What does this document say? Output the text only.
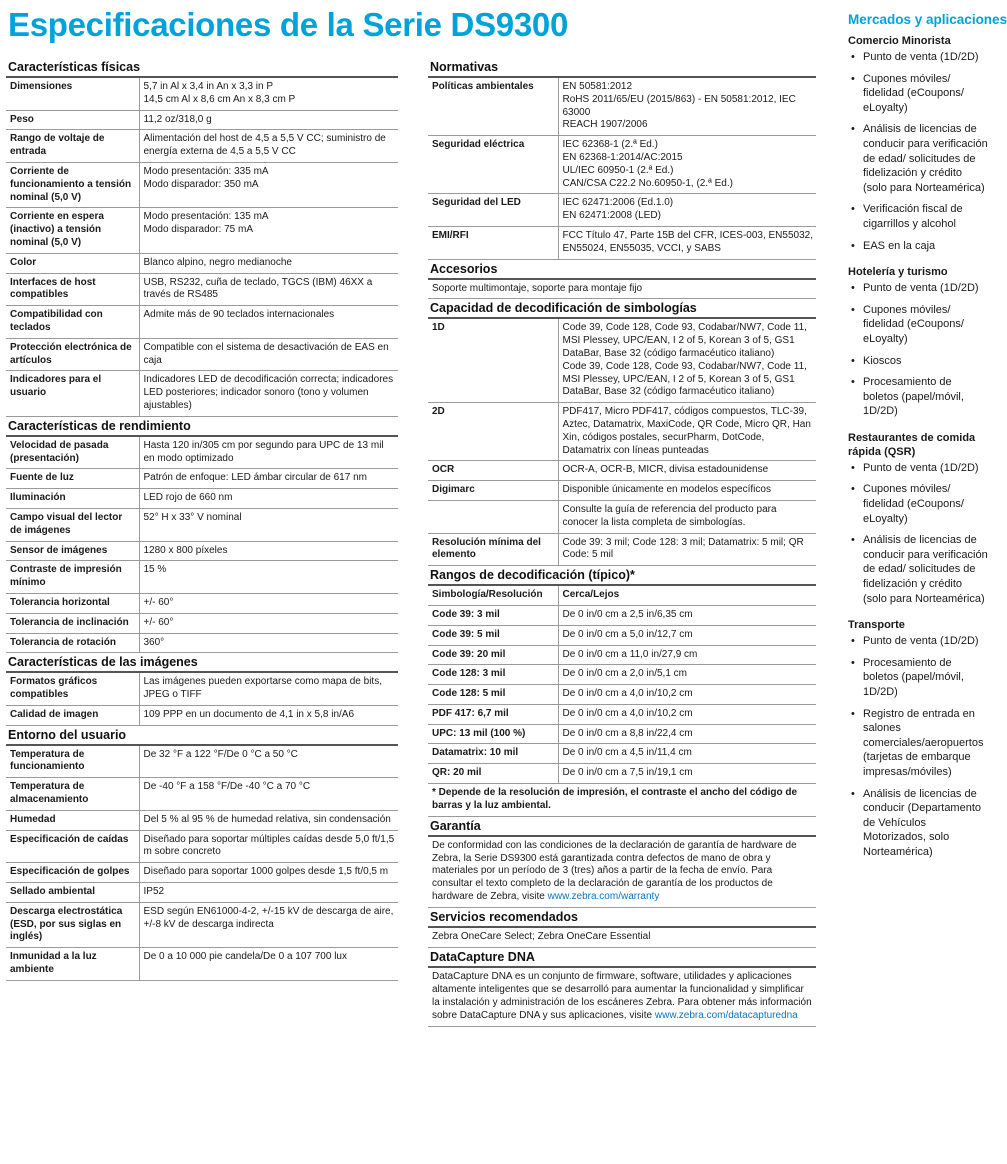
Especificaciones de la Serie DS9300
Características físicas
Dimensiones	5,7 in Al x 3,4 in An x 3,3 in P
14,5 cm Al x 8,6 cm An x 8,3 cm P
Peso	11,2 oz/318,0 g
Rango de voltaje de entrada	Alimentación del host de 4,5 a 5,5 V CC; suministro de energía externa de 4,5 a 5,5 V CC
Corriente de funcionamiento a tensión nominal (5,0 V)	Modo presentación: 335 mA
Modo disparador: 350 mA
Corriente en espera (inactivo) a tensión nominal (5,0 V)	Modo presentación: 135 mA
Modo disparador: 75 mA
Color	Blanco alpino, negro medianoche
Interfaces de host compatibles	USB, RS232, cuña de teclado, TGCS (IBM) 46XX a través de RS485
Compatibilidad con teclados	Admite más de 90 teclados internacionales
Protección electrónica de artículos	Compatible con el sistema de desactivación de EAS en caja
Indicadores para el usuario	Indicadores LED de decodificación correcta; indicadores LED posteriores; indicador sonoro (tono y volumen ajustables)
Características de rendimiento
Velocidad de pasada (presentación)	Hasta 120 in/305 cm por segundo para UPC de 13 mil en modo optimizado
Fuente de luz	Patrón de enfoque: LED ámbar circular de 617 nm
Iluminación	LED rojo de 660 nm
Campo visual del lector de imágenes	52° H x 33° V nominal
Sensor de imágenes	1280 x 800 píxeles
Contraste de impresión mínimo	15 %
Tolerancia horizontal	+/- 60°
Tolerancia de inclinación	+/- 60°
Tolerancia de rotación	360°
Características de las imágenes
Formatos gráficos compatibles	Las imágenes pueden exportarse como mapa de bits, JPEG o TIFF
Calidad de imagen	109 PPP en un documento de 4,1 in x 5,8 in/A6
Entorno del usuario
Temperatura de funcionamiento	De 32 °F a 122 °F/De 0 °C a 50 °C
Temperatura de almacenamiento	De -40 °F a 158 °F/De -40 °C a 70 °C
Humedad	Del 5 % al 95 % de humedad relativa, sin condensación
Especificación de caídas	Diseñado para soportar múltiples caídas desde 5,0 ft/1,5 m sobre concreto
Especificación de golpes	Diseñado para soportar 1000 golpes desde 1,5 ft/0,5 m
Sellado ambiental	IP52
Descarga electrostática (ESD, por sus siglas en inglés)	ESD según EN61000-4-2, +/-15 kV de descarga de aire, +/-8 kV de descarga indirecta
Inmunidad a la luz ambiente	De 0 a 10 000 pie candela/De 0 a 107 700 lux
Normativas
Políticas ambientales	EN 50581:2012
RoHS 2011/65/EU (2015/863) - EN 50581:2012, IEC 63000
REACH 1907/2006
Seguridad eléctrica	IEC 62368-1 (2.ª Ed.)
EN 62368-1:2014/AC:2015
UL/IEC 60950-1 (2.ª Ed.)
CAN/CSA C22.2 No.60950-1, (2.ª Ed.)
Seguridad del LED	IEC 62471:2006 (Ed.1.0)
EN 62471:2008 (LED)
EMI/RFI	FCC Título 47, Parte 15B del CFR, ICES-003, EN55032, EN55024, EN55035, VCCI, y SABS
Accesorios
Soporte multimontaje, soporte para montaje fijo
Capacidad de decodificación de simbologías
1D	Code 39, Code 128, Code 93, Codabar/NW7, Code 11, MSI Plessey, UPC/EAN, I 2 of 5, Korean 3 of 5, GS1 DataBar, Base 32 (código farmacéutico italiano)
Code 39, Code 128, Code 93, Codabar/NW7, Code 11, MSI Plessey, UPC/EAN, I 2 of 5, Korean 3 of 5, GS1 DataBar, Base 32 (código farmacéutico italiano)
2D	PDF417, Micro PDF417, códigos compuestos, TLC-39, Aztec, Datamatrix, MaxiCode, QR Code, Micro QR, Han Xin, códigos postales, securPharm, DotCode, Datamatrix con líneas punteadas
OCR	OCR-A, OCR-B, MICR, divisa estadounidense
Digimarc	Disponible únicamente en modelos específicos
	Consulte la guía de referencia del producto para conocer la lista completa de simbologías.
Resolución mínima del elemento	Code 39: 3 mil; Code 128: 3 mil; Datamatrix: 5 mil; QR Code: 5 mil
Rangos de decodificación (típico)*
Simbología/Resolución	Cerca/Lejos
Code 39: 3 mil	De 0 in/0 cm a 2,5 in/6,35 cm
Code 39: 5 mil	De 0 in/0 cm a 5,0 in/12,7 cm
Code 39: 20 mil	De 0 in/0 cm a 11,0 in/27,9 cm
Code 128: 3 mil	De 0 in/0 cm a 2,0 in/5,1 cm
Code 128: 5 mil	De 0 in/0 cm a 4,0 in/10,2 cm
PDF 417: 6,7 mil	De 0 in/0 cm a 4,0 in/10,2 cm
UPC: 13 mil (100 %)	De 0 in/0 cm a 8,8 in/22,4 cm
Datamatrix: 10 mil	De 0 in/0 cm a 4,5 in/11,4 cm
QR: 20 mil	De 0 in/0 cm a 7,5 in/19,1 cm
* Depende de la resolución de impresión, el contraste el ancho del código de barras y la luz ambiental.
Garantía
De conformidad con las condiciones de la declaración de garantía de hardware de Zebra, la Serie DS9300 está garantizada contra defectos de mano de obra y materiales por un período de 3 (tres) años a partir de la fecha de envío. Para consultar el texto completo de la declaración de garantía de los productos de hardware de Zebra, visite www.zebra.com/warranty
Servicios recomendados
Zebra OneCare Select; Zebra OneCare Essential
DataCapture DNA
DataCapture DNA es un conjunto de firmware, software, utilidades y aplicaciones altamente inteligentes que se desarrolló para aumentar la funcionalidad y simplificar la instalación y administración de los escáneres Zebra. Para obtener más información sobre DataCapture DNA y sus aplicaciones, visite www.zebra.com/datacapturedna
Mercados y aplicaciones
Comercio Minorista
• Punto de venta (1D/2D)
• Cupones móviles/ fidelidad (eCoupons/ eLoyalty)
• Análisis de licencias de conducir para verificación de edad/ solicitudes de fidelización y crédito (solo para Norteamérica)
• Verificación fiscal de cigarrillos y alcohol
• EAS en la caja
Hotelería y turismo
• Punto de venta (1D/2D)
• Cupones móviles/ fidelidad (eCoupons/ eLoyalty)
• Kioscos
• Procesamiento de boletos (papel/móvil, 1D/2D)
Restaurantes de comida rápida (QSR)
• Punto de venta (1D/2D)
• Cupones móviles/ fidelidad (eCoupons/ eLoyalty)
• Análisis de licencias de conducir para verificación de edad/ solicitudes de fidelización y crédito (solo para Norteamérica)
Transporte
• Punto de venta (1D/2D)
• Procesamiento de boletos (papel/móvil, 1D/2D)
• Registro de entrada en salones comerciales/aeropuertos (tarjetas de embarque impresas/móviles)
• Análisis de licencias de conducir (Departamento de Vehículos Motorizados, solo Norteamérica)
